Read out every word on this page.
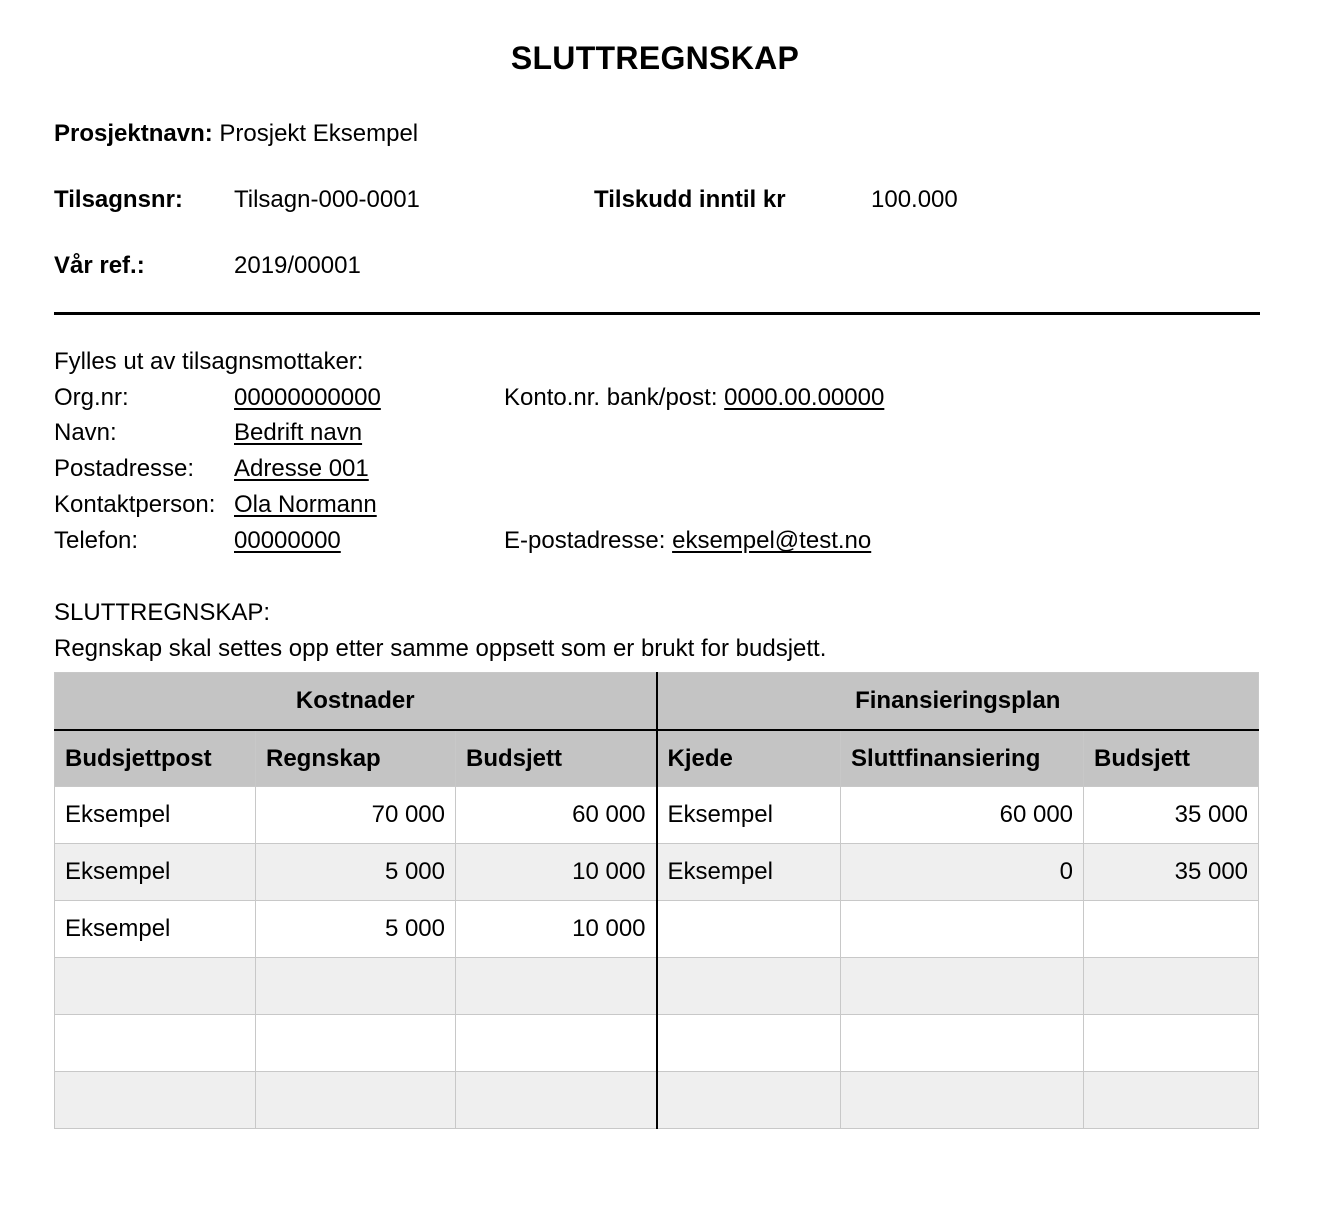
SLUTTREGNSKAP
Prosjektnavn: Prosjekt Eksempel
Tilsagnsnr: Tilsagn-000-0001	Tilskudd inntil kr	100.000
Vår ref.:	2019/00001
Fylles ut av tilsagnsmottaker:
Org.nr:	00000000000	Konto.nr. bank/post: 0000.00.00000
Navn:	Bedrift navn
Postadresse: Adresse 001
Kontaktperson: Ola Normann
Telefon:	00000000	E-postadresse: eksempel@test.no
SLUTTREGNSKAP:
Regnskap skal settes opp etter samme oppsett som er brukt for budsjett.
Kostnader			Finansieringsplan		
Budsjettpost	Regnskap	Budsjett	Kjede	Sluttfinansiering	Budsjett
Eksempel	70 000	60 000	Eksempel	60 000	35 000
Eksempel	5 000	10 000	Eksempel	0	35 000
Eksempel	5 000	10 000			
